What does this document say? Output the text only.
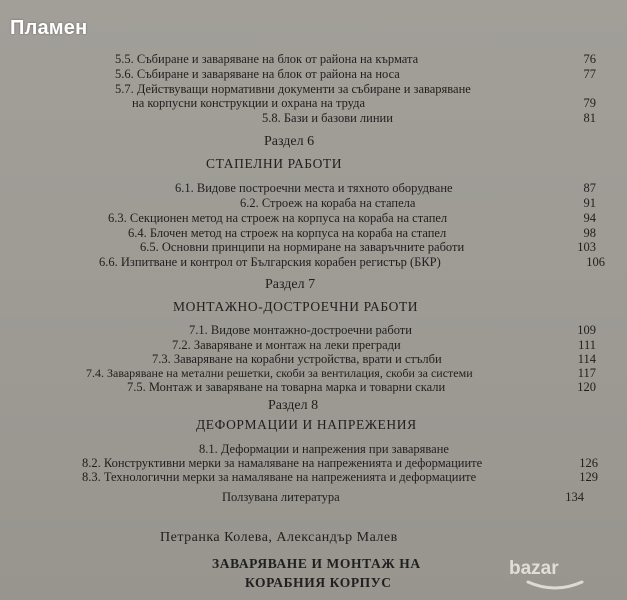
Пламен
5.5. Събиране и заваряване на блок от района на кърмата	76
5.6. Събиране и заваряване на блок от района на носа	77
5.7. Действуващи нормативни документи за събиране и заваряване
на корпусни конструкции и охрана на труда	79
5.8. Бази и базови линии	81
Раздел 6
СТАПЕЛНИ РАБОТИ
6.1. Видове построечни места и тяхното оборудване	87
6.2. Строеж на кораба на стапела	91
6.3. Секционен метод на строеж на корпуса на кораба на стапел	94
6.4. Блочен метод на строеж на корпуса на кораба на стапел	98
6.5. Основни принципи на нормиране на заваръчните работи	103
6.6. Изпитване и контрол от Българския корабен регистър (БКР)	106
Раздел 7
МОНТАЖНО-ДОСТРОЕЧНИ РАБОТИ
7.1. Видове монтажно-достроечни работи	109
7.2. Заваряване и монтаж на леки прегради	111
7.3. Заваряване на корабни устройства, врати и стълби	114
7.4. Заваряване на метални решетки, скоби за вентилация, скоби за системи	117
7.5. Монтаж и заваряване на товарна марка и товарни скали	120
Раздел 8
ДЕФОРМАЦИИ И НАПРЕЖЕНИЯ
8.1. Деформации и напрежения при заваряване
8.2. Конструктивни мерки за намаляване на напреженията и деформациите	126
8.3. Технологични мерки за намаляване на напреженията и деформациите	129
Ползувана литература	134
Петранка Колева, Александър Малев
ЗАВАРЯВАНЕ И МОНТАЖ НА
КОРАБНИЯ КОРПУС
bazar
